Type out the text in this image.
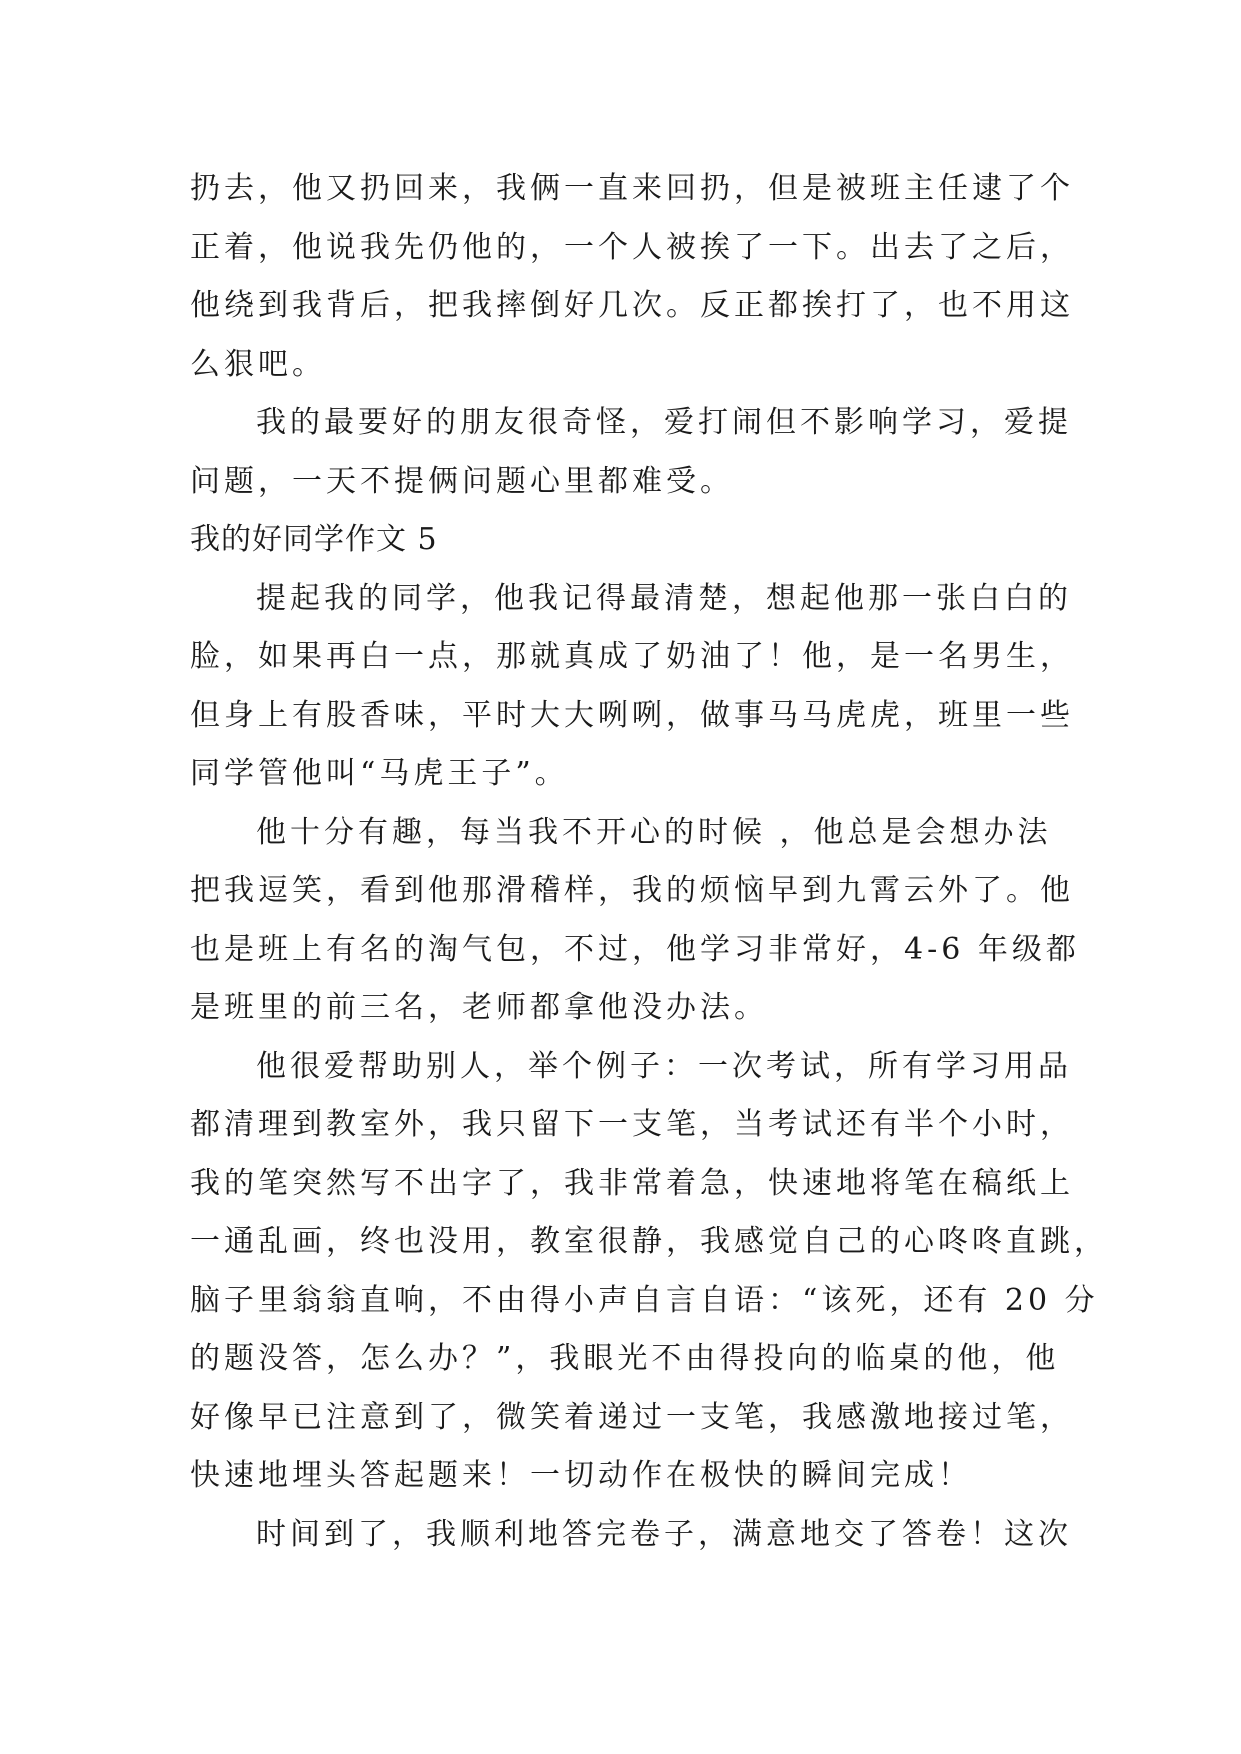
扔去，他又扔回来，我俩一直来回扔，但是被班主任逮了个
正着，他说我先仍他的，一个人被挨了一下。出去了之后，
他绕到我背后，把我摔倒好几次。反正都挨打了，也不用这
么狠吧。
我的最要好的朋友很奇怪，爱打闹但不影响学习，爱提
问题，一天不提俩问题心里都难受。
我的好同学作文 5
提起我的同学，他我记得最清楚，想起他那一张白白的
脸，如果再白一点，那就真成了奶油了！他，是一名男生，
但身上有股香味，平时大大咧咧，做事马马虎虎，班里一些
同学管他叫“马虎王子”。
他十分有趣，每当我不开心的时候 ，他总是会想办法
把我逗笑，看到他那滑稽样，我的烦恼早到九霄云外了。他
也是班上有名的淘气包，不过，他学习非常好，4-6 年级都
是班里的前三名，老师都拿他没办法。
他很爱帮助别人，举个例子：一次考试，所有学习用品
都清理到教室外，我只留下一支笔，当考试还有半个小时，
我的笔突然写不出字了，我非常着急，快速地将笔在稿纸上
一通乱画，终也没用，教室很静，我感觉自己的心咚咚直跳，
脑子里翁翁直响，不由得小声自言自语：“该死，还有 20 分
的题没答，怎么办？”，我眼光不由得投向的临桌的他，他
好像早已注意到了，微笑着递过一支笔，我感激地接过笔，
快速地埋头答起题来！一切动作在极快的瞬间完成！
时间到了，我顺利地答完卷子，满意地交了答卷！这次
